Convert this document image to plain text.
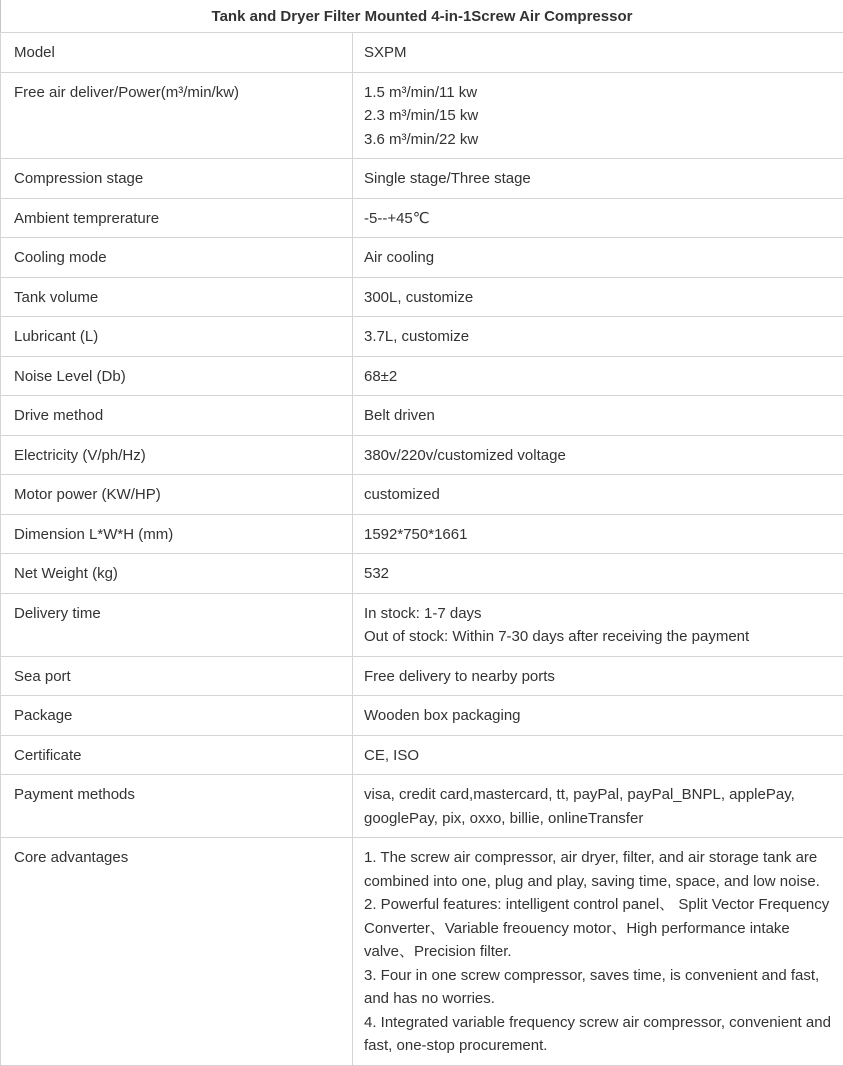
Tank and Dryer Filter Mounted 4-in-1Screw Air Compressor	
Model	SXPM

Free air deliver/Power(m³/min/kw)	1.5 m³/min/11 kw
2.3 m³/min/15 kw
3.6 m³/min/22 kw

Compression stage	Single stage/Three stage

Ambient temprerature	-5--+45℃

Cooling mode	Air cooling

Tank volume	300L, customize

Lubricant (L)	3.7L, customize

Noise Level (Db)	68±2

Drive method	Belt driven

Electricity (V/ph/Hz)	380v/220v/customized voltage

Motor power (KW/HP)	customized

Dimension L*W*H (mm)	1592*750*1661

Net Weight (kg)	532

Delivery time	In stock: 1-7 days
Out of stock: Within 7-30 days after receiving the payment

Sea port	Free delivery to nearby ports

Package	Wooden box packaging

Certificate	CE, ISO

Payment methods	visa, credit card,mastercard, tt, payPal, payPal_BNPL, applePay, googlePay, pix, oxxo, billie, onlineTransfer

Core advantages	1. The screw air compressor, air dryer, filter, and air storage tank are combined into one, plug and play, saving time, space, and low noise.
2. Powerful features: intelligent control panel、 Split Vector Frequency Converter、Variable freouency motor、High performance intake valve、Precision filter.
3. Four in one screw compressor, saves time, is convenient and fast, and has no worries.
4. Integrated variable frequency screw air compressor, convenient and fast, one-stop procurement.
